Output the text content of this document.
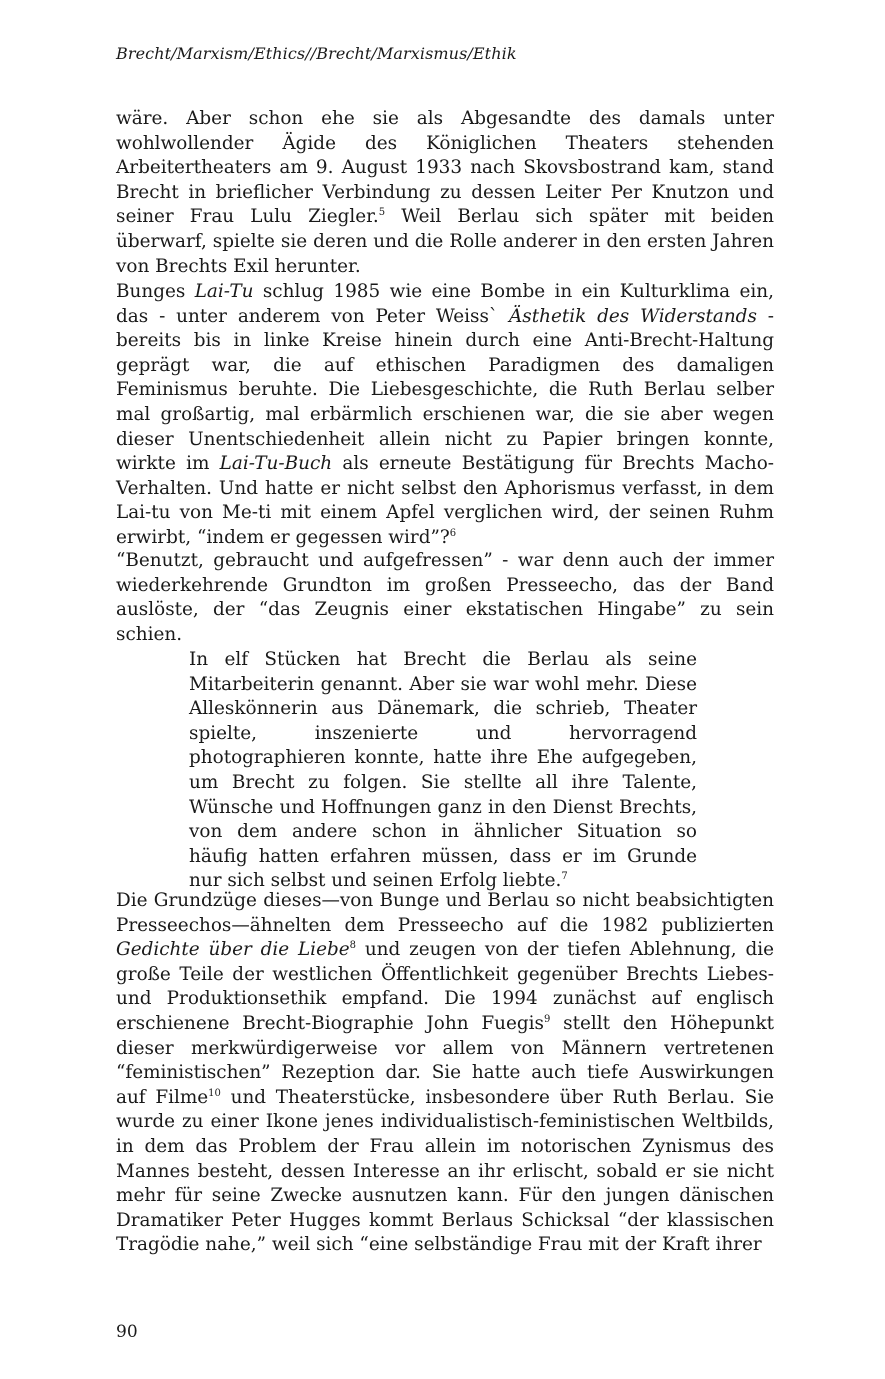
Brecht/Marxism/Ethics//Brecht/Marxismus/Ethik

wäre. Aber schon ehe sie als Abgesandte des damals unter wohlwollender Ägide des Königlichen Theaters stehenden Arbeitertheaters am 9. August 1933 nach Skovsbostrand kam, stand Brecht in brieflicher Verbindung zu dessen Leiter Per Knutzon und seiner Frau Lulu Ziegler.$^5$ Weil Berlau sich später mit beiden überwarf, spielte sie deren und die Rolle anderer in den ersten Jahren von Brechts Exil herunter.

Bunges Lai-Tu schlug 1985 wie eine Bombe in ein Kulturklima ein, das - unter anderem von Peter Weiss` Ästhetik des Widerstands - bereits bis in linke Kreise hinein durch eine Anti-Brecht-Haltung geprägt war, die auf ethischen Paradigmen des damaligen Feminismus beruhte. Die Liebesgeschichte, die Ruth Berlau selber mal großartig, mal erbärmlich erschienen war, die sie aber wegen dieser Unentschiedenheit allein nicht zu Papier bringen konnte, wirkte im Lai-Tu-Buch als erneute Bestätigung für Brechts Macho-Verhalten. Und hatte er nicht selbst den Aphorismus verfasst, in dem Lai-tu von Me-ti mit einem Apfel verglichen wird, der seinen Ruhm erwirbt, “indem er gegessen wird”?$^6$

“Benutzt, gebraucht und aufgefressen” - war denn auch der immer wiederkehrende Grundton im großen Presseecho, das der Band auslöste, der “das Zeugnis einer ekstatischen Hingabe” zu sein schien.

In elf Stücken hat Brecht die Berlau als seine Mitarbeiterin genannt. Aber sie war wohl mehr. Diese Alleskönnerin aus Dänemark, die schrieb, Theater spielte, inszenierte und hervorragend photographieren konnte, hatte ihre Ehe aufgegeben, um Brecht zu folgen. Sie stellte all ihre Talente, Wünsche und Hoffnungen ganz in den Dienst Brechts, von dem andere schon in ähnlicher Situation so häufig hatten erfahren müssen, dass er im Grunde nur sich selbst und seinen Erfolg liebte.$^7$

Die Grundzüge dieses—von Bunge und Berlau so nicht beabsichtigten Presseechos—ähnelten dem Presseecho auf die 1982 publizierten Gedichte über die Liebe$^8$ und zeugen von der tiefen Ablehnung, die große Teile der westlichen Öffentlichkeit gegenüber Brechts Liebes- und Produktionsethik empfand. Die 1994 zunächst auf englisch erschienene Brecht-Biographie John Fuegis$^9$ stellt den Höhepunkt dieser merkwürdigerweise vor allem von Männern vertretenen “feministischen” Rezeption dar. Sie hatte auch tiefe Auswirkungen auf Filme$^{10}$ und Theaterstücke, insbesondere über Ruth Berlau. Sie wurde zu einer Ikone jenes individualistisch-feministischen Weltbilds, in dem das Problem der Frau allein im notorischen Zynismus des Mannes besteht, dessen Interesse an ihr erlischt, sobald er sie nicht mehr für seine Zwecke ausnutzen kann. Für den jungen dänischen Dramatiker Peter Hugges kommt Berlaus Schicksal “der klassischen Tragödie nahe,” weil sich “eine selbständige Frau mit der Kraft ihrer

90
